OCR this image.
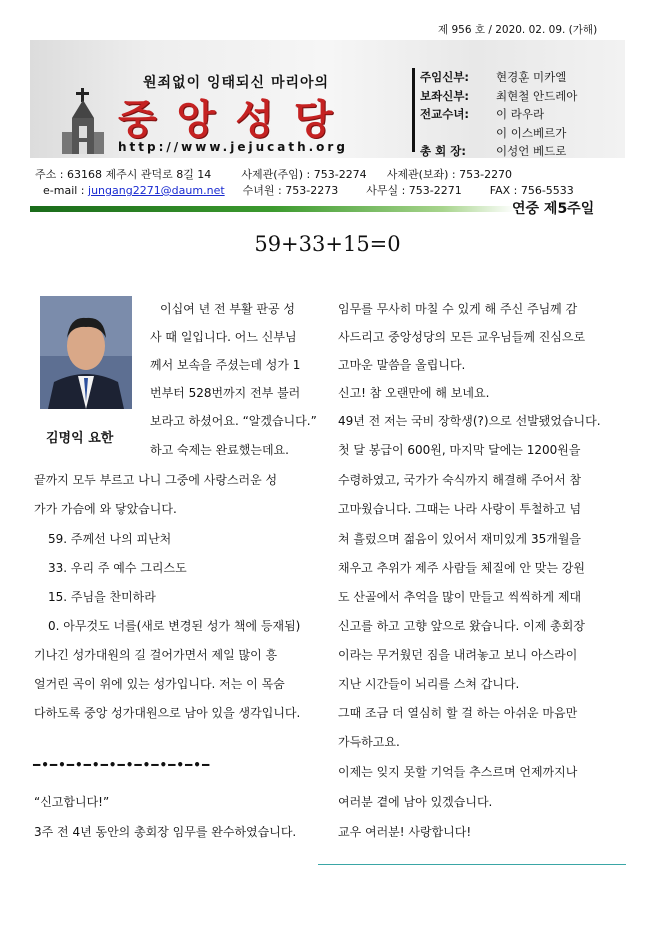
제 956 호 / 2020. 02. 09. (가해)
원죄없이 잉태되신 마리아의
중앙성당
http://www.jejucath.org
주임신부:	현경훈 미카엘
보좌신부:	최현철 안드레아
전교수녀:	이 라우라
이 이스베르가
총 회 장:	이성언 베드로
주소 : 63168 제주시 관덕로 8길 14	사제관(주임) : 753-2274 사제관(보좌) : 753-2270
e-mail : jungang2271@daum.net 수녀원 : 753-2273	사무실 : 753-2271	FAX : 756-5533
연중 제5주일
59+33+15=0
김명익 요한
이십여 년 전 부활 판공 성
사 때 일입니다. 어느 신부님
께서 보속을 주셨는데 성가 1
번부터 528번까지 전부 불러
보라고 하셨어요. “알겠습니다.”
하고 숙제는 완료했는데요.
끝까지 모두 부르고 나니 그중에 사랑스러운 성
가가 가슴에 와 닿았습니다.
59. 주께선 나의 피난처
33. 우리 주 예수 그리스도
15. 주님을 찬미하라
0. 아무것도 너를(새로 변경된 성가 책에 등재됨)
기나긴 성가대원의 길 걸어가면서 제일 많이 흥
얼거린 곡이 위에 있는 성가입니다. 저는 이 목숨
다하도록 중앙 성가대원으로 남아 있을 생각입니다.
“신고합니다!”
3주 전 4년 동안의 총회장 임무를 완수하였습니다.
━•━•━•━•━•━•━•━•━•━•━
임무를 무사히 마칠 수 있게 해 주신 주님께 감
사드리고 중앙성당의 모든 교우님들께 진심으로
고마운 말씀을 올립니다.
신고! 참 오랜만에 해 보네요.
49년 전 저는 국비 장학생(?)으로 선발됐었습니다.
첫 달 봉급이 600원, 마지막 달에는 1200원을
수령하였고, 국가가 숙식까지 해결해 주어서 참
고마웠습니다. 그때는 나라 사랑이 투철하고 넘
쳐 흘렀으며 젊음이 있어서 재미있게 35개월을
채우고 추위가 제주 사람들 체질에 안 맞는 강원
도 산골에서 추억을 많이 만들고 씩씩하게 제대
신고를 하고 고향 앞으로 왔습니다. 이제 총회장
이라는 무거웠던 짐을 내려놓고 보니 아스라이
지난 시간들이 뇌리를 스쳐 갑니다.
그때 조금 더 열심히 할 걸 하는 아쉬운 마음만
가득하고요.
이제는 잊지 못할 기억들 추스르며 언제까지나
여러분 곁에 남아 있겠습니다.
교우 여러분! 사랑합니다!
